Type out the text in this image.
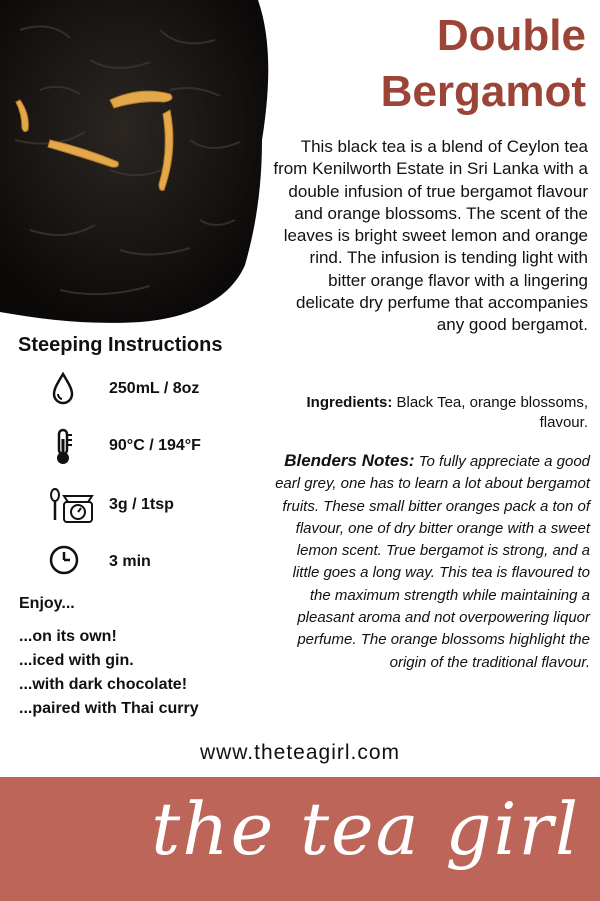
Double
Bergamot
This black tea is a blend of Ceylon tea from Kenilworth Estate in Sri Lanka with a double infusion of true bergamot flavour and orange blossoms. The scent of the leaves is bright sweet lemon and orange rind. The infusion is tending light with bitter orange flavor with a lingering delicate dry perfume that accompanies any good bergamot.
Ingredients: Black Tea, orange blossoms, flavour.
Blenders Notes: To fully appreciate a good earl grey, one has to learn a lot about bergamot fruits. These small bitter oranges pack a ton of flavour, one of dry bitter orange with a sweet lemon scent. True bergamot is strong, and a little goes a long way. This tea is flavoured to the maximum strength while maintaining a pleasant aroma and not overpowering liquor perfume. The orange blossoms highlight the origin of the traditional flavour.
Steeping Instructions
250mL / 8oz
90°C / 194°F
3g / 1tsp
3 min
Enjoy...
...on its own!
...iced with gin.
...with dark chocolate!
...paired with Thai curry
www.theteagirl.com
the tea girl
